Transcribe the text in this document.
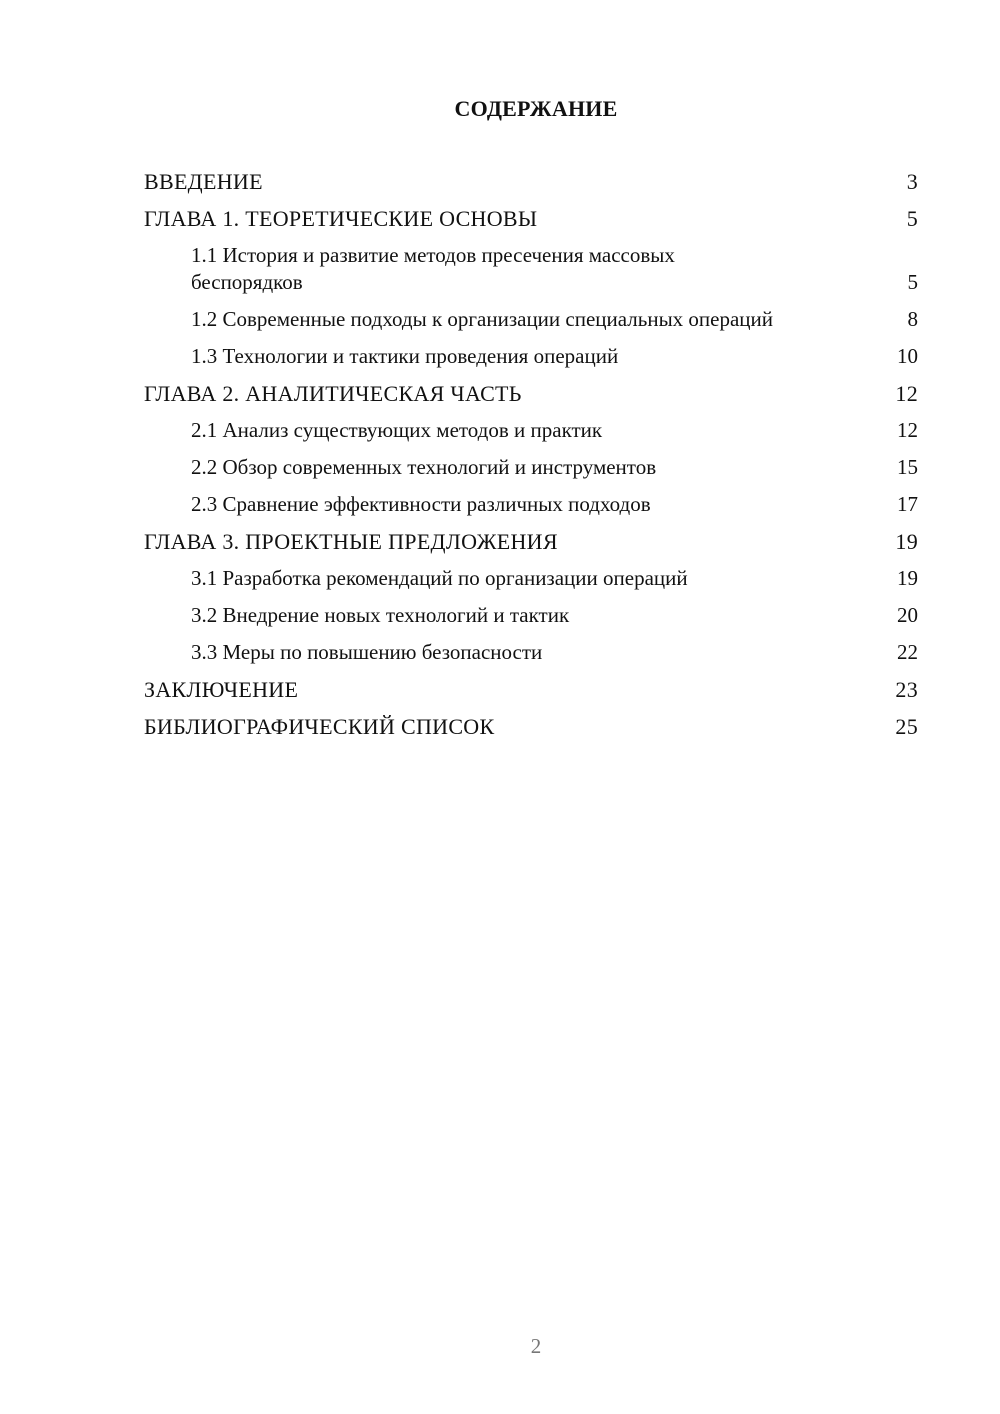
СОДЕРЖАНИЕ
ВВЕДЕНИЕ	3
ГЛАВА 1. ТЕОРЕТИЧЕСКИЕ ОСНОВЫ	5
1.1 История и развитие методов пресечения массовых беспорядков	5
1.2 Современные подходы к организации специальных операций	8
1.3 Технологии и тактики проведения операций	10
ГЛАВА 2. АНАЛИТИЧЕСКАЯ ЧАСТЬ	12
2.1 Анализ существующих методов и практик	12
2.2 Обзор современных технологий и инструментов	15
2.3 Сравнение эффективности различных подходов	17
ГЛАВА 3. ПРОЕКТНЫЕ ПРЕДЛОЖЕНИЯ	19
3.1 Разработка рекомендаций по организации операций	19
3.2 Внедрение новых технологий и тактик	20
3.3 Меры по повышению безопасности	22
ЗАКЛЮЧЕНИЕ	23
БИБЛИОГРАФИЧЕСКИЙ СПИСОК	25
2
